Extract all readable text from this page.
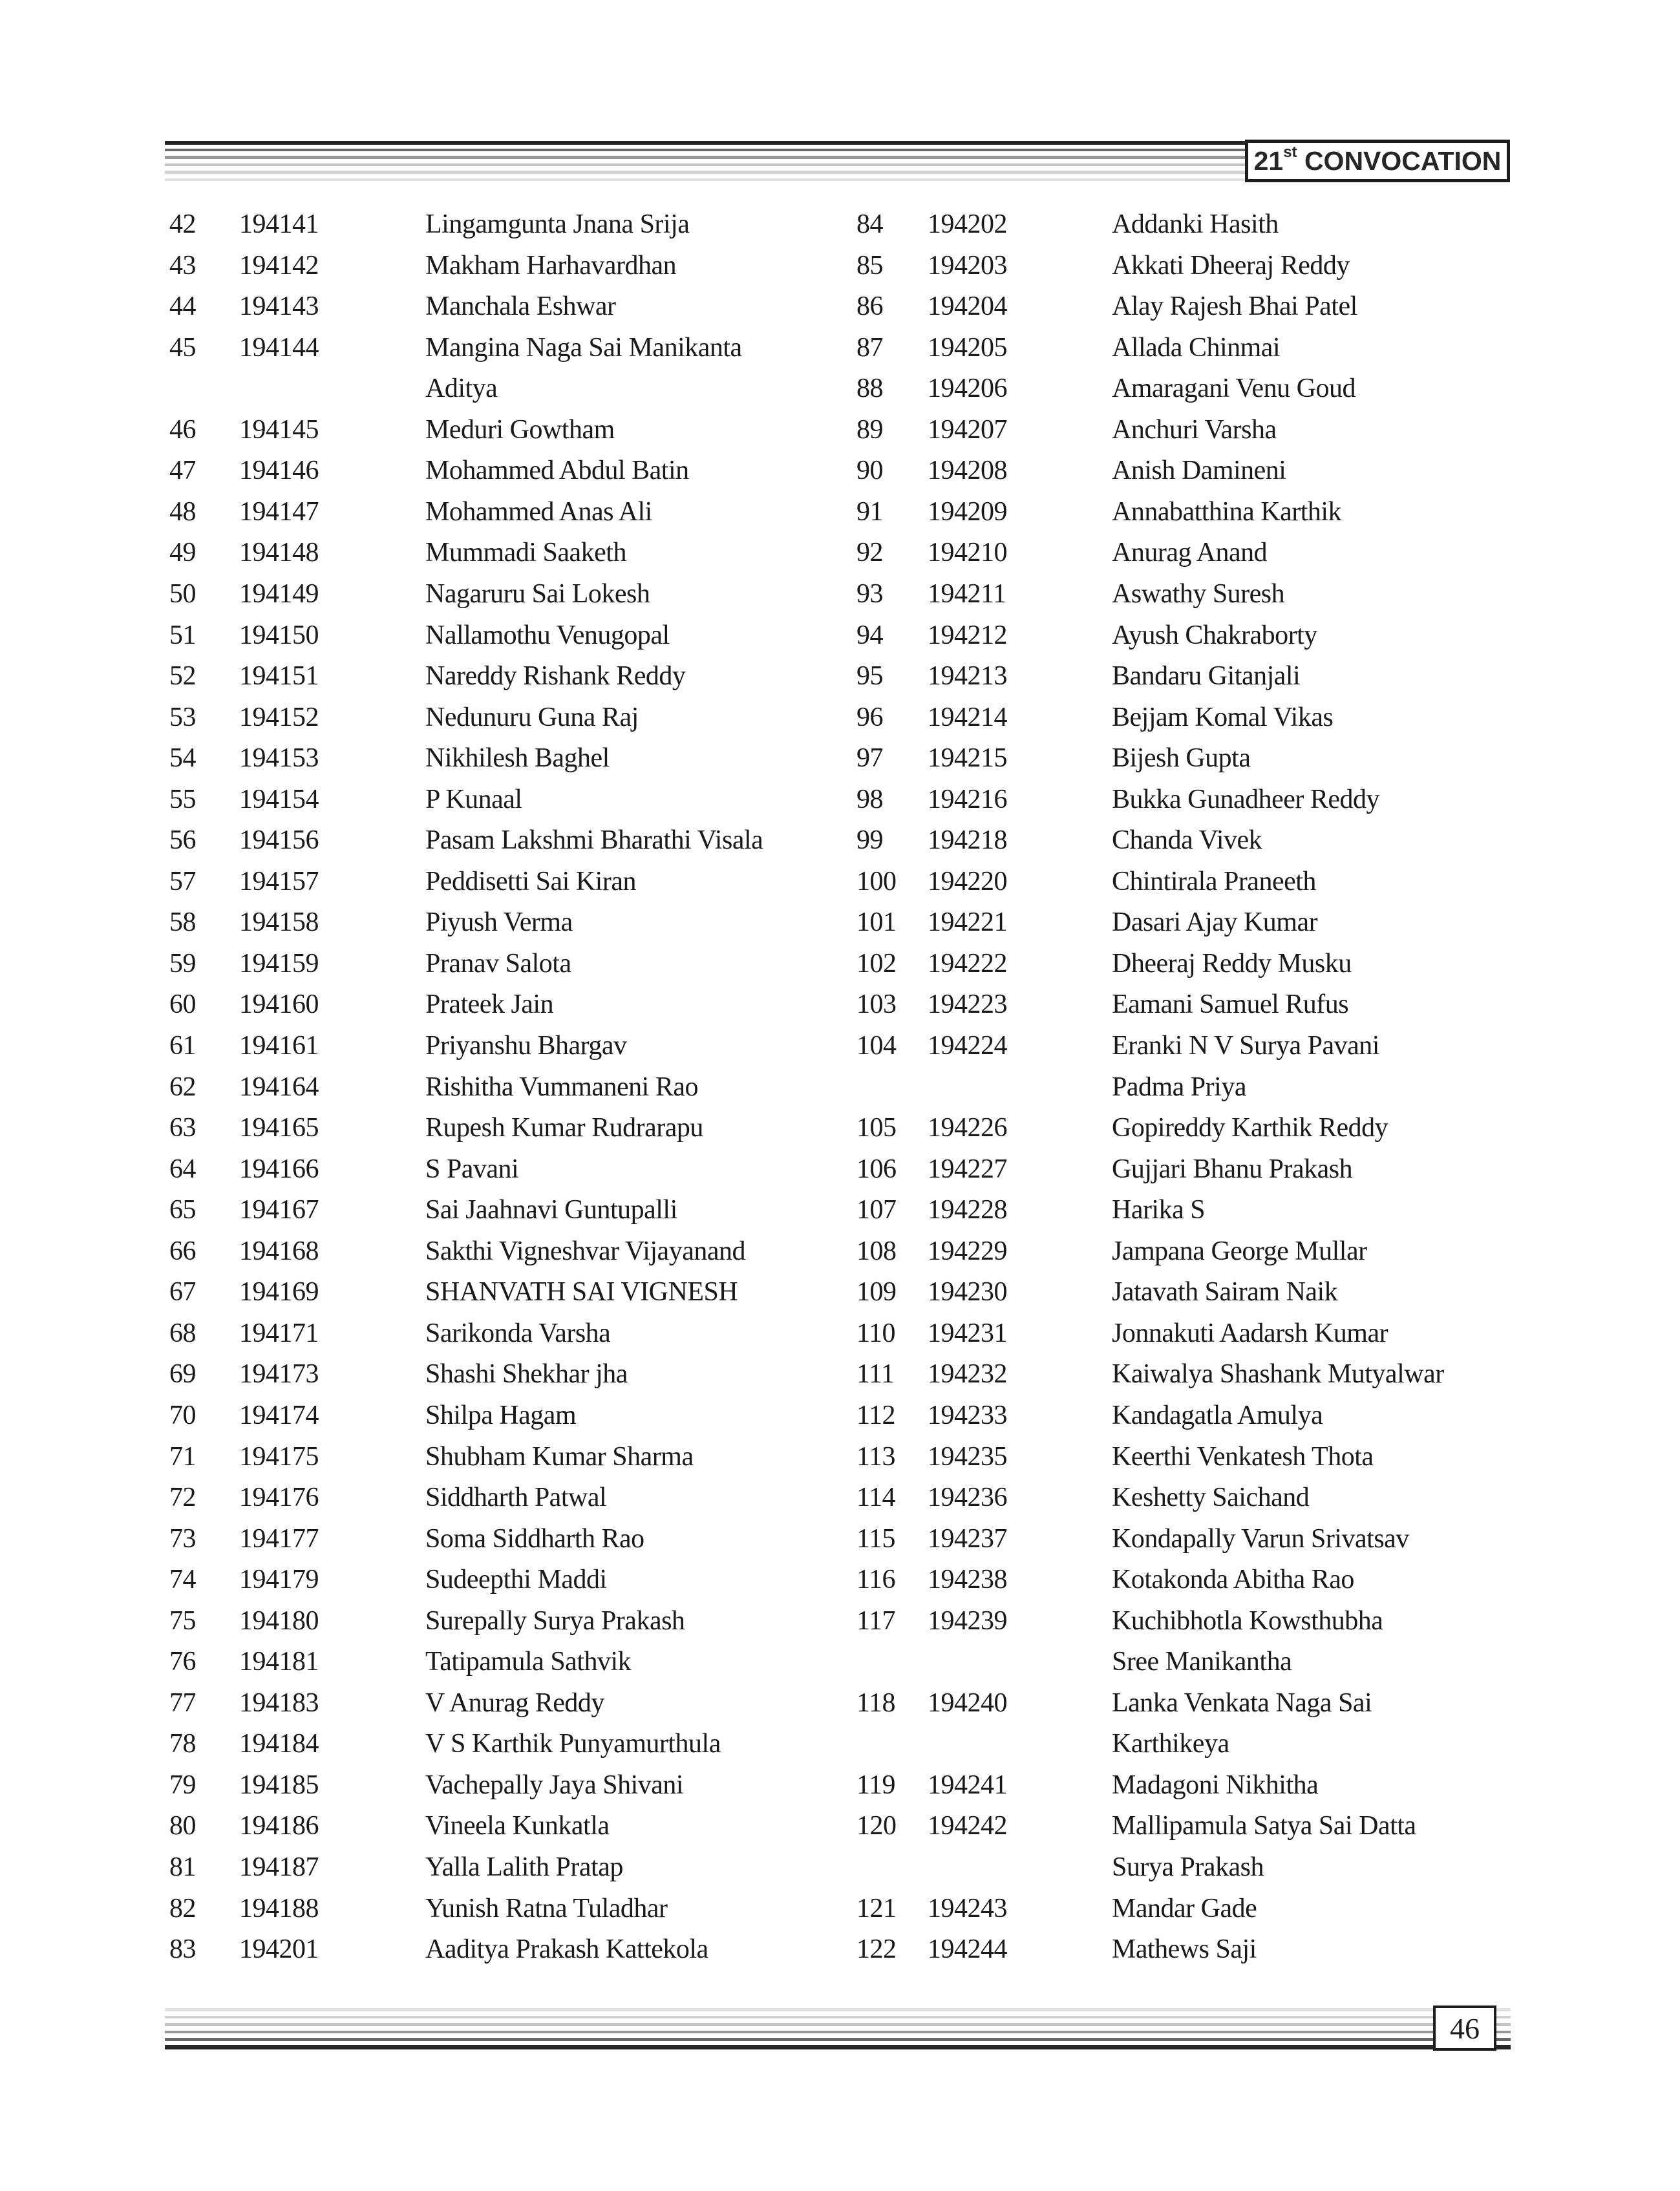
21 st CONVOCATION
42 194141	Lingamgunta Jnana Srija
43 194142	Makham Harhavardhan
44 194143	Manchala Eshwar
45 194144	Mangina Naga Sai Manikanta
Aditya
46 194145	Meduri Gowtham
47 194146	Mohammed Abdul Batin
48 194147	Mohammed Anas Ali
49 194148	Mummadi Saaketh
50 194149	Nagaruru Sai Lokesh
51 194150	Nallamothu Venugopal
52 194151	Nareddy Rishank Reddy
53 194152	Nedunuru Guna Raj
54 194153	Nikhilesh Baghel
55 194154	P Kunaal
56 194156	Pasam Lakshmi Bharathi Visala
57 194157	Peddisetti Sai Kiran
58 194158	Piyush Verma
59 194159	Pranav Salota
60 194160	Prateek Jain
61 194161	Priyanshu Bhargav
62 194164	Rishitha Vummaneni Rao
63 194165	Rupesh Kumar Rudrarapu
64 194166	S Pavani
65 194167	Sai Jaahnavi Guntupalli
66 194168	Sakthi Vigneshvar Vijayanand
67 194169	SHANVATH SAI VIGNESH
68 194171	Sarikonda Varsha
69 194173	Shashi Shekhar jha
70 194174	Shilpa Hagam
71 194175	Shubham Kumar Sharma
72 194176	Siddharth Patwal
73 194177	Soma Siddharth Rao
74 194179	Sudeepthi Maddi
75 194180	Surepally Surya Prakash
76 194181	Tatipamula Sathvik
77 194183	V Anurag Reddy
78 194184	V S Karthik Punyamurthula
79 194185	Vachepally Jaya Shivani
80 194186	Vineela Kunkatla
81 194187	Yalla Lalith Pratap
82 194188	Yunish Ratna Tuladhar
83 194201	Aaditya Prakash Kattekola
84 194202	Addanki Hasith
85 194203	Akkati Dheeraj Reddy
86 194204	Alay Rajesh Bhai Patel
87 194205	Allada Chinmai
88 194206	Amaragani Venu Goud
89 194207	Anchuri Varsha
90 194208	Anish Damineni
91 194209	Annabatthina Karthik
92 194210	Anurag Anand
93 194211	Aswathy Suresh
94 194212	Ayush Chakraborty
95 194213	Bandaru Gitanjali
96 194214	Bejjam Komal Vikas
97 194215	Bijesh Gupta
98 194216	Bukka Gunadheer Reddy
99 194218	Chanda Vivek
100 194220	Chintirala Praneeth
101 194221	Dasari Ajay Kumar
102 194222	Dheeraj Reddy Musku
103 194223	Eamani Samuel Rufus
104 194224	Eranki N V Surya Pavani
Padma Priya
105 194226	Gopireddy Karthik Reddy
106 194227	Gujjari Bhanu Prakash
107 194228	Harika S
108 194229	Jampana George Mullar
109 194230	Jatavath Sairam Naik
110 194231	Jonnakuti Aadarsh Kumar
111 194232	Kaiwalya Shashank Mutyalwar
112 194233	Kandagatla Amulya
113 194235	Keerthi Venkatesh Thota
114 194236	Keshetty Saichand
115 194237	Kondapally Varun Srivatsav
116 194238	Kotakonda Abitha Rao
117 194239	Kuchibhotla Kowsthubha
Sree Manikantha
118 194240	Lanka Venkata Naga Sai
Karthikeya
119 194241	Madagoni Nikhitha
120 194242	Mallipamula Satya Sai Datta
Surya Prakash
121 194243	Mandar Gade
122 194244	Mathews Saji
46
